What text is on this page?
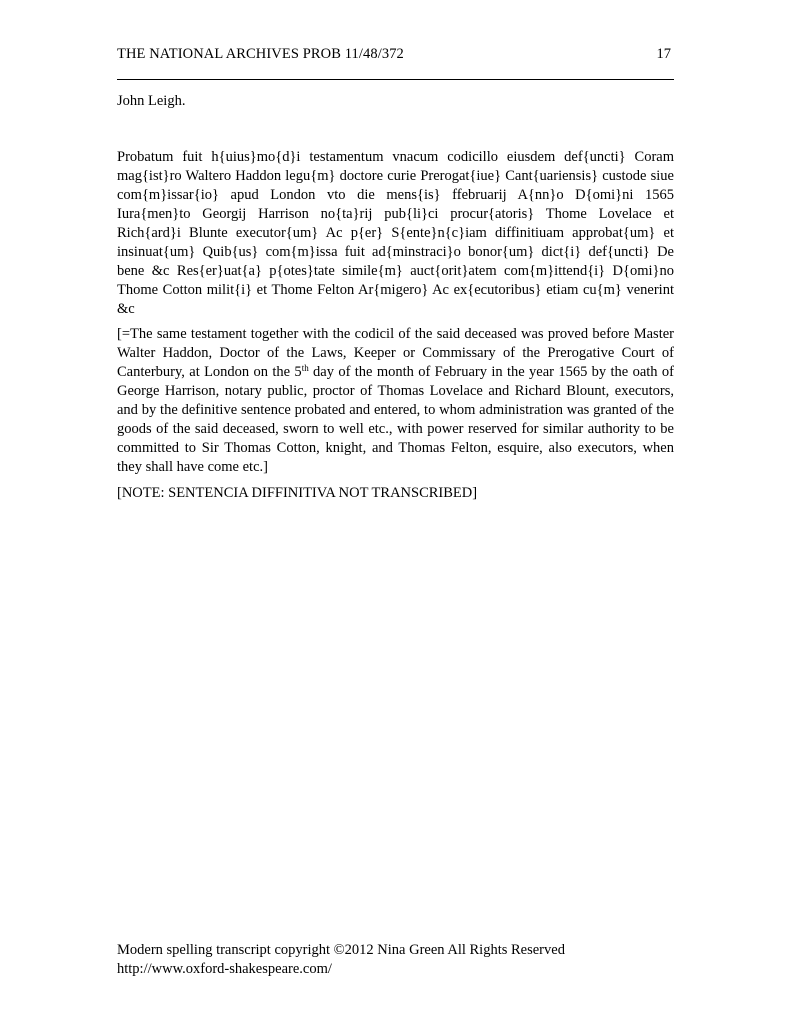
THE NATIONAL ARCHIVES PROB 11/48/372	17
John Leigh.

Probatum fuit h{uius}mo{d}i testamentum vnacum codicillo eiusdem def{uncti} Coram mag{ist}ro Waltero Haddon legu{m} doctore curie Prerogat{iue} Cant{uariensis} custode siue com{m}issar{io} apud London vto die mens{is} ffebruarij A{nn}o D{omi}ni 1565 Iura{men}to Georgij Harrison no{ta}rij pub{li}ci procur{atoris} Thome Lovelace et Rich{ard}i Blunte executor{um} Ac p{er} S{ente}n{c}iam diffinitiuam approbat{um} et insinuat{um} Quib{us} com{m}issa fuit ad{minstraci}o bonor{um} dict{i} def{uncti} De bene &c Res{er}uat{a} p{otes}tate simile{m} auct{orit}atem com{m}ittend{i} D{omi}no Thome Cotton milit{i} et Thome Felton Ar{migero} Ac ex{ecutoribus} etiam cu{m} venerint &c

[=The same testament together with the codicil of the said deceased was proved before Master Walter Haddon, Doctor of the Laws, Keeper or Commissary of the Prerogative Court of Canterbury, at London on the 5th day of the month of February in the year 1565 by the oath of George Harrison, notary public, proctor of Thomas Lovelace and Richard Blount, executors, and by the definitive sentence probated and entered, to whom administration was granted of the goods of the said deceased, sworn to well etc., with power reserved for similar authority to be committed to Sir Thomas Cotton, knight, and Thomas Felton, esquire, also executors, when they shall have come etc.]

[NOTE: SENTENCIA DIFFINITIVA NOT TRANSCRIBED]

Modern spelling transcript copyright ©2012 Nina Green All Rights Reserved
http://www.oxford-shakespeare.com/
